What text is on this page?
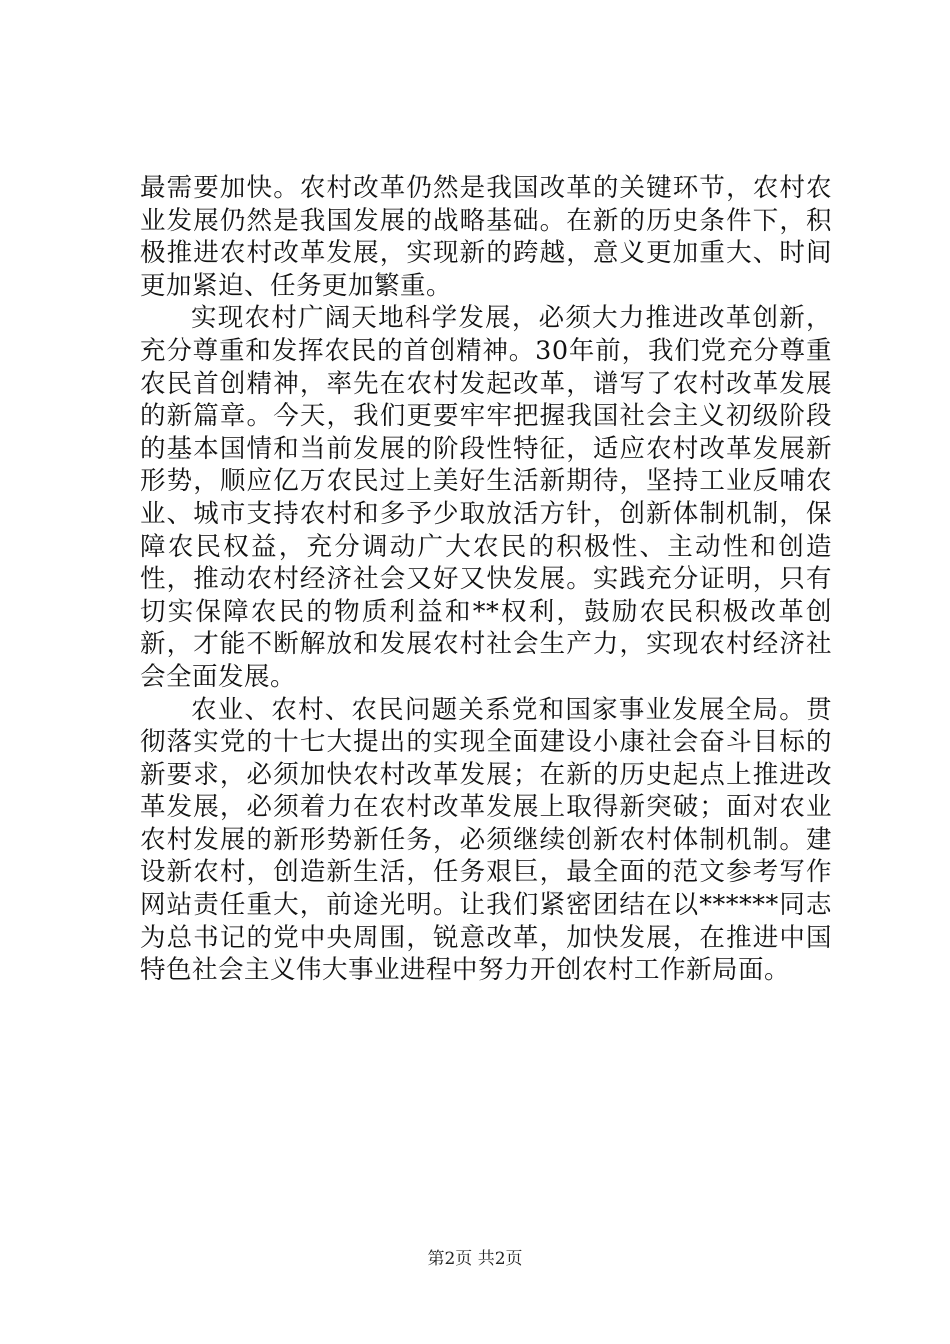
最需要加快。农村改革仍然是我国改革的关键环节，农村农业发展仍然是我国发展的战略基础。在新的历史条件下，积极推进农村改革发展，实现新的跨越，意义更加重大、时间更加紧迫、任务更加繁重。

实现农村广阔天地科学发展，必须大力推进改革创新，充分尊重和发挥农民的首创精神。30年前，我们党充分尊重农民首创精神，率先在农村发起改革，谱写了农村改革发展的新篇章。今天，我们更要牢牢把握我国社会主义初级阶段的基本国情和当前发展的阶段性特征，适应农村改革发展新形势，顺应亿万农民过上美好生活新期待，坚持工业反哺农业、城市支持农村和多予少取放活方针，创新体制机制，保障农民权益，充分调动广大农民的积极性、主动性和创造性，推动农村经济社会又好又快发展。实践充分证明，只有切实保障农民的物质利益和**权利，鼓励农民积极改革创新，才能不断解放和发展农村社会生产力，实现农村经济社会全面发展。

农业、农村、农民问题关系党和国家事业发展全局。贯彻落实党的十七大提出的实现全面建设小康社会奋斗目标的新要求，必须加快农村改革发展；在新的历史起点上推进改革发展，必须着力在农村改革发展上取得新突破；面对农业农村发展的新形势新任务，必须继续创新农村体制机制。建设新农村，创造新生活，任务艰巨，最全面的范文参考写作网站责任重大，前途光明。让我们紧密团结在以******同志为总书记的党中央周围，锐意改革，加快发展，在推进中国特色社会主义伟大事业进程中努力开创农村工作新局面。

第2页 共2页
